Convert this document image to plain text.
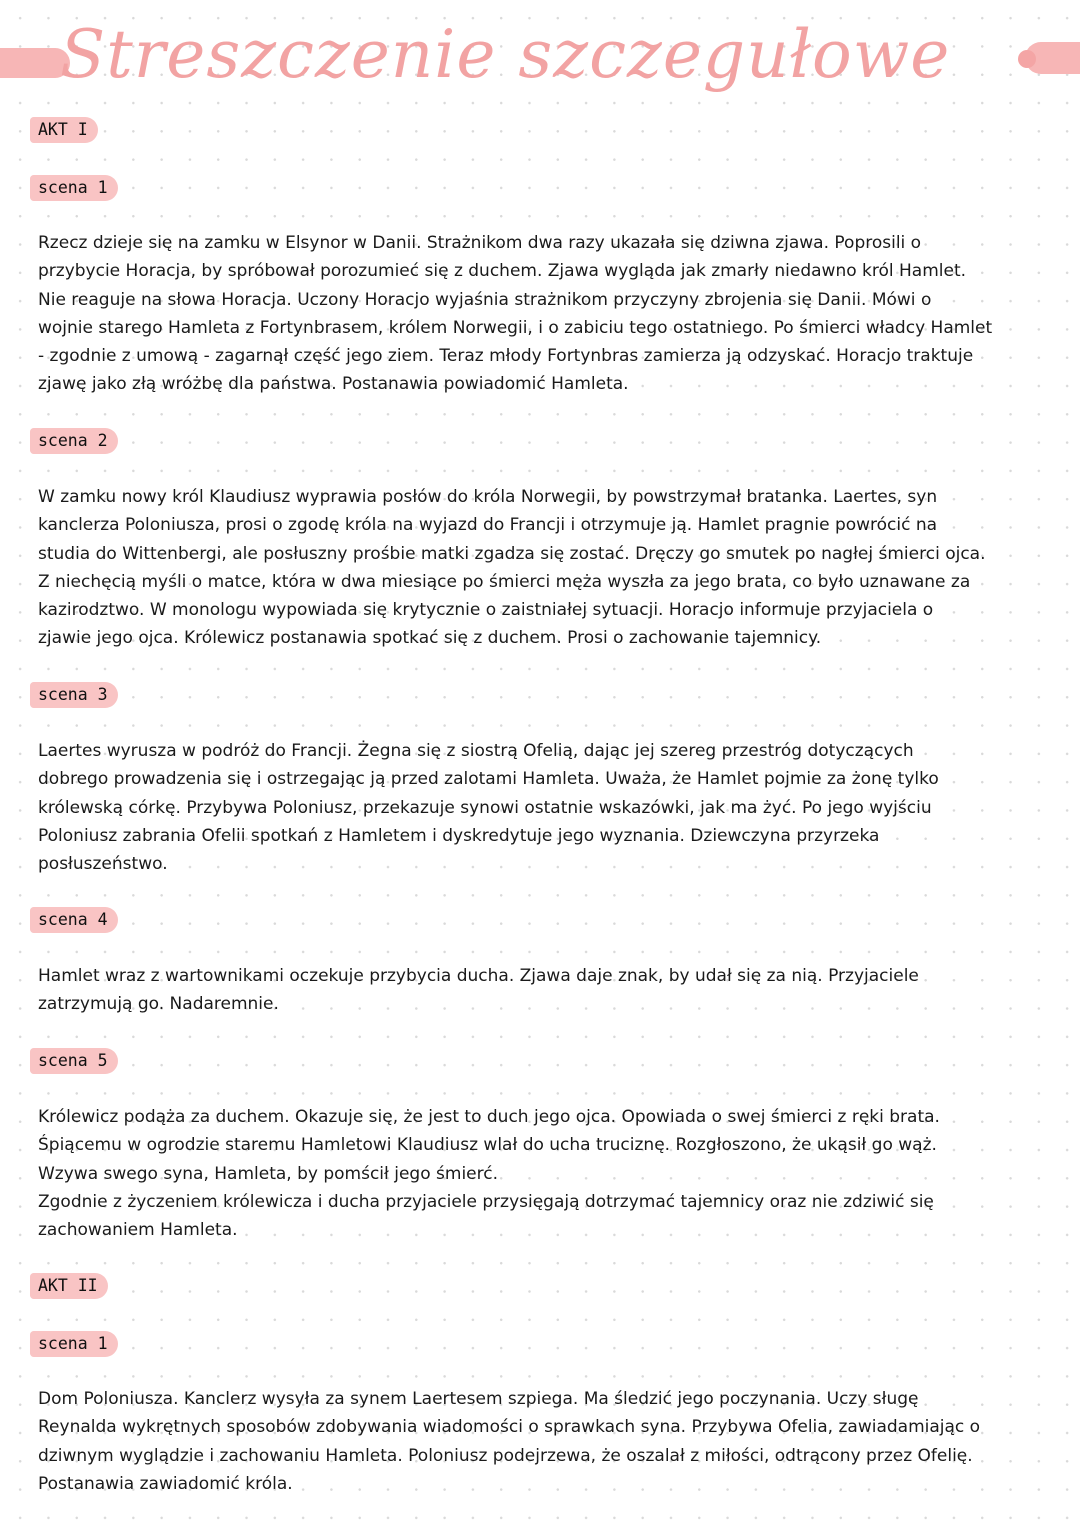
Streszczenie szczegułowe
AKT I
scena 1
Rzecz dzieje się na zamku w Elsynor w Danii. Strażnikom dwa razy ukazała się dziwna zjawa. Poprosili o
przybycie Horacja, by spróbował porozumieć się z duchem. Zjawa wygląda jak zmarły niedawno król Hamlet.
Nie reaguje na słowa Horacja. Uczony Horacjo wyjaśnia strażnikom przyczyny zbrojenia się Danii. Mówi o
wojnie starego Hamleta z Fortynbrasem, królem Norwegii, i o zabiciu tego ostatniego. Po śmierci władcy Hamlet
- zgodnie z umową - zagarnął część jego ziem. Teraz młody Fortynbras zamierza ją odzyskać. Horacjo traktuje
zjawę jako złą wróżbę dla państwa. Postanawia powiadomić Hamleta.
scena 2
W zamku nowy król Klaudiusz wyprawia posłów do króla Norwegii, by powstrzymał bratanka. Laertes, syn
kanclerza Poloniusza, prosi o zgodę króla na wyjazd do Francji i otrzymuje ją. Hamlet pragnie powrócić na
studia do Wittenbergi, ale posłuszny prośbie matki zgadza się zostać. Dręczy go smutek po nagłej śmierci ojca.
Z niechęcią myśli o matce, która w dwa miesiące po śmierci męża wyszła za jego brata, co było uznawane za
kazirodztwo. W monologu wypowiada się krytycznie o zaistniałej sytuacji. Horacjo informuje przyjaciela o
zjawie jego ojca. Królewicz postanawia spotkać się z duchem. Prosi o zachowanie tajemnicy.
scena 3
Laertes wyrusza w podróż do Francji. Żegna się z siostrą Ofelią, dając jej szereg przestróg dotyczących
dobrego prowadzenia się i ostrzegając ją przed zalotami Hamleta. Uważa, że Hamlet pojmie za żonę tylko
królewską córkę. Przybywa Poloniusz, przekazuje synowi ostatnie wskazówki, jak ma żyć. Po jego wyjściu
Poloniusz zabrania Ofelii spotkań z Hamletem i dyskredytuje jego wyznania. Dziewczyna przyrzeka
posłuszeństwo.
scena 4
Hamlet wraz z wartownikami oczekuje przybycia ducha. Zjawa daje znak, by udał się za nią. Przyjaciele
zatrzymują go. Nadaremnie.
scena 5
Królewicz podąża za duchem. Okazuje się, że jest to duch jego ojca. Opowiada o swej śmierci z ręki brata.
Śpiącemu w ogrodzie staremu Hamletowi Klaudiusz wlał do ucha truciznę. Rozgłoszono, że ukąsił go wąż.
Wzywa swego syna, Hamleta, by pomścił jego śmierć.
Zgodnie z życzeniem królewicza i ducha przyjaciele przysięgają dotrzymać tajemnicy oraz nie zdziwić się
zachowaniem Hamleta.
AKT II
scena 1
Dom Poloniusza. Kanclerz wysyła za synem Laertesem szpiega. Ma śledzić jego poczynania. Uczy sługę
Reynalda wykrętnych sposobów zdobywania wiadomości o sprawkach syna. Przybywa Ofelia, zawiadamiając o
dziwnym wyglądzie i zachowaniu Hamleta. Poloniusz podejrzewa, że oszalał z miłości, odtrącony przez Ofelię.
Postanawia zawiadomić króla.
